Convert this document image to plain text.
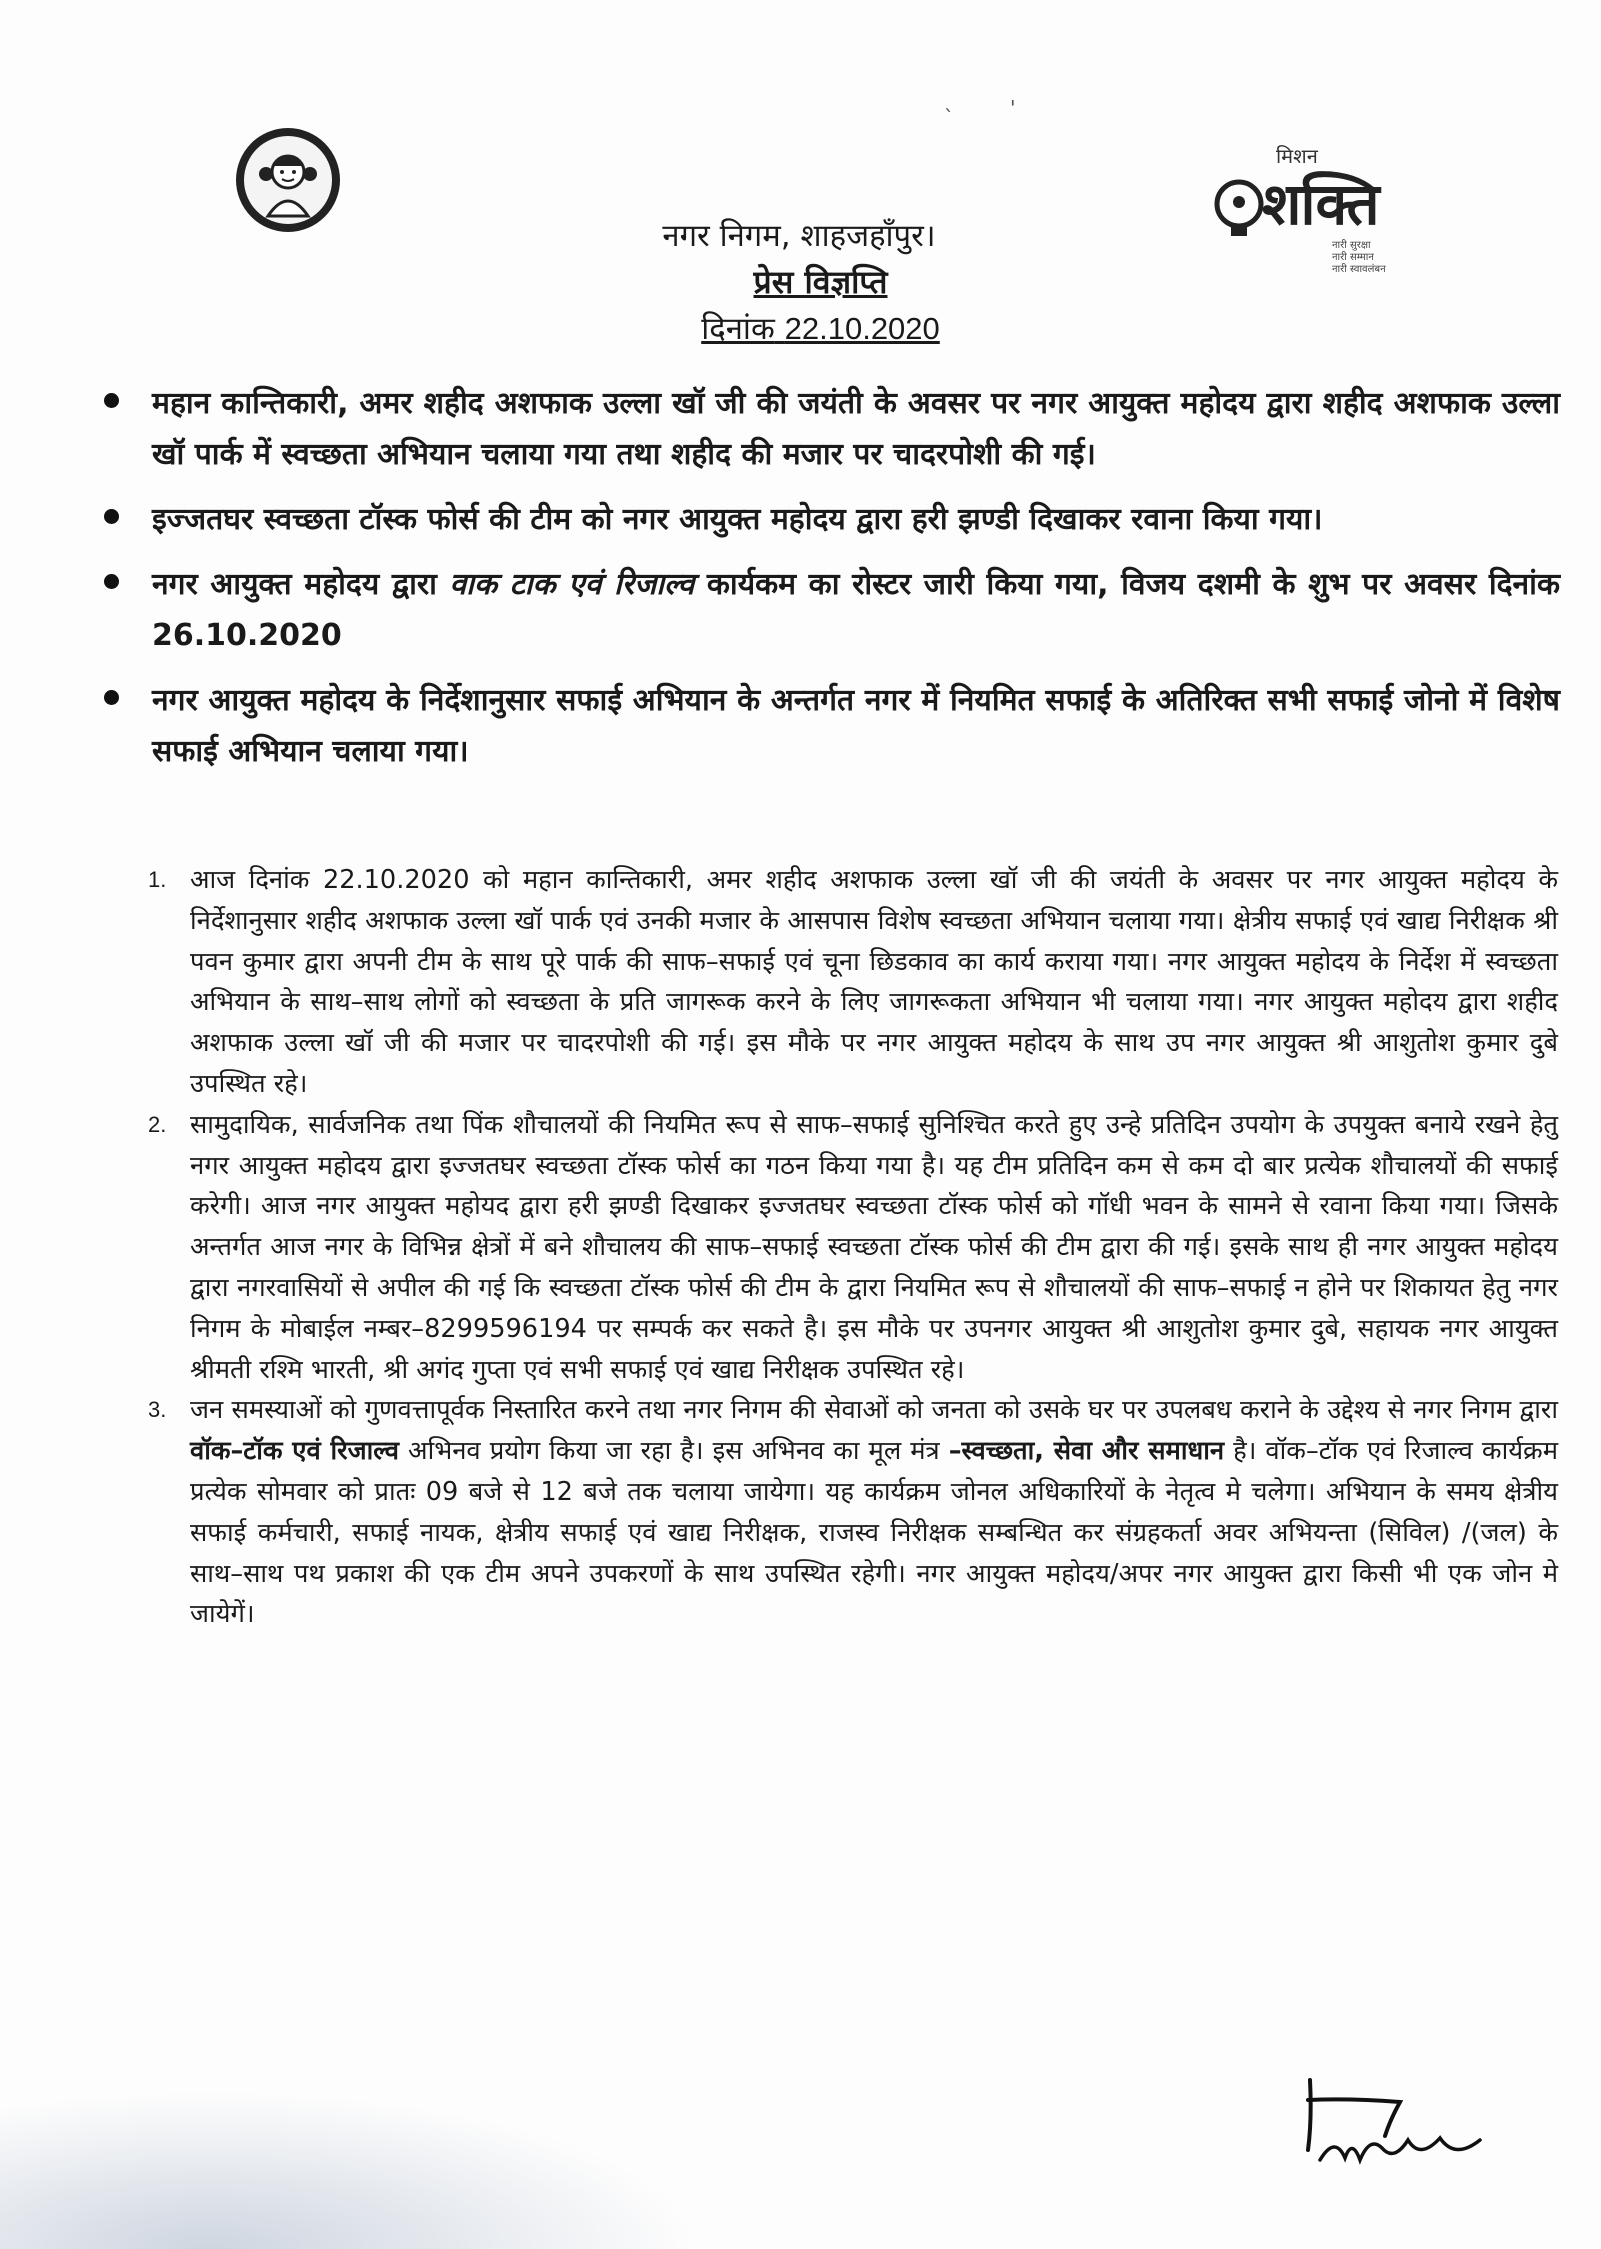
मिशन
शक्ति
नारी सुरक्षा
नारी सम्मान
नारी स्वावलंबन
नगर निगम, शाहजहाँपुर।
प्रेस विज्ञप्ति
दिनांक 22.10.2020
महान कान्तिकारी, अमर शहीद अशफाक उल्ला खॉ जी की जयंती के अवसर पर नगर आयुक्त महोदय द्वारा शहीद अशफाक उल्ला खॉ पार्क में स्वच्छता अभियान चलाया गया तथा शहीद की मजार पर चादरपोशी की गई।
इज्जतघर स्वच्छता टॉस्क फोर्स की टीम को नगर आयुक्त महोदय द्वारा हरी झण्डी दिखाकर रवाना किया गया।
नगर आयुक्त महोदय द्वारा वाक टाक एवं रिजाल्व कार्यकम का रोस्टर जारी किया गया, विजय दशमी के शुभ पर अवसर दिनांक 26.10.2020
नगर आयुक्त महोदय के निर्देशानुसार सफाई अभियान के अन्तर्गत नगर में नियमित सफाई के अतिरिक्त सभी सफाई जोनो में विशेष सफाई अभियान चलाया गया।
1. आज दिनांक 22.10.2020 को महान कान्तिकारी, अमर शहीद अशफाक उल्ला खॉ जी की जयंती के अवसर पर नगर आयुक्त महोदय के निर्देशानुसार शहीद अशफाक उल्ला खॉ पार्क एवं उनकी मजार के आसपास विशेष स्वच्छता अभियान चलाया गया। क्षेत्रीय सफाई एवं खाद्य निरीक्षक श्री पवन कुमार द्वारा अपनी टीम के साथ पूरे पार्क की साफ–सफाई एवं चूना छिडकाव का कार्य कराया गया। नगर आयुक्त महोदय के निर्देश में स्वच्छता अभियान के साथ–साथ लोगों को स्वच्छता के प्रति जागरूक करने के लिए जागरूकता अभियान भी चलाया गया। नगर आयुक्त महोदय द्वारा शहीद अशफाक उल्ला खॉ जी की मजार पर चादरपोशी की गई। इस मौके पर नगर आयुक्त महोदय के साथ उप नगर आयुक्त श्री आशुतोश कुमार दुबे उपस्थित रहे।
2. सामुदायिक, सार्वजनिक तथा पिंक शौचालयों की नियमित रूप से साफ–सफाई सुनिश्चित करते हुए उन्हे प्रतिदिन उपयोग के उपयुक्त बनाये रखने हेतु नगर आयुक्त महोदय द्वारा इज्जतघर स्वच्छता टॉस्क फोर्स का गठन किया गया है। यह टीम प्रतिदिन कम से कम दो बार प्रत्येक शौचालयों की सफाई करेगी। आज नगर आयुक्त महोयद द्वारा हरी झण्डी दिखाकर इज्जतघर स्वच्छता टॉस्क फोर्स को गॉधी भवन के सामने से रवाना किया गया। जिसके अन्तर्गत आज नगर के विभिन्न क्षेत्रों में बने शौचालय की साफ–सफाई स्वच्छता टॉस्क फोर्स की टीम द्वारा की गई। इसके साथ ही नगर आयुक्त महोदय द्वारा नगरवासियों से अपील की गई कि स्वच्छता टॉस्क फोर्स की टीम के द्वारा नियमित रूप से शौचालयों की साफ–सफाई न होने पर शिकायत हेतु नगर निगम के मोबाईल नम्बर–8299596194 पर सम्पर्क कर सकते है। इस मौके पर उपनगर आयुक्त श्री आशुतोश कुमार दुबे, सहायक नगर आयुक्त श्रीमती रश्मि भारती, श्री अगंद गुप्ता एवं सभी सफाई एवं खाद्य निरीक्षक उपस्थित रहे।
3. जन समस्याओं को गुणवत्तापूर्वक निस्तारित करने तथा नगर निगम की सेवाओं को जनता को उसके घर पर उपलबध कराने के उद्देश्य से नगर निगम द्वारा वॉक–टॉक एवं रिजाल्व अभिनव प्रयोग किया जा रहा है। इस अभिनव का मूल मंत्र –स्वच्छता, सेवा और समाधान है। वॉक–टॉक एवं रिजाल्व कार्यक्रम प्रत्येक सोमवार को प्रातः 09 बजे से 12 बजे तक चलाया जायेगा। यह कार्यक्रम जोनल अधिकारियों के नेतृत्व मे चलेगा। अभियान के समय क्षेत्रीय सफाई कर्मचारी, सफाई नायक, क्षेत्रीय सफाई एवं खाद्य निरीक्षक, राजस्व निरीक्षक सम्बन्धित कर संग्रहकर्ता अवर अभियन्ता (सिविल) /(जल) के साथ–साथ पथ प्रकाश की एक टीम अपने उपकरणों के साथ उपस्थित रहेगी। नगर आयुक्त महोदय/अपर नगर आयुक्त द्वारा किसी भी एक जोन मे जायेगें।
ˎ	'
